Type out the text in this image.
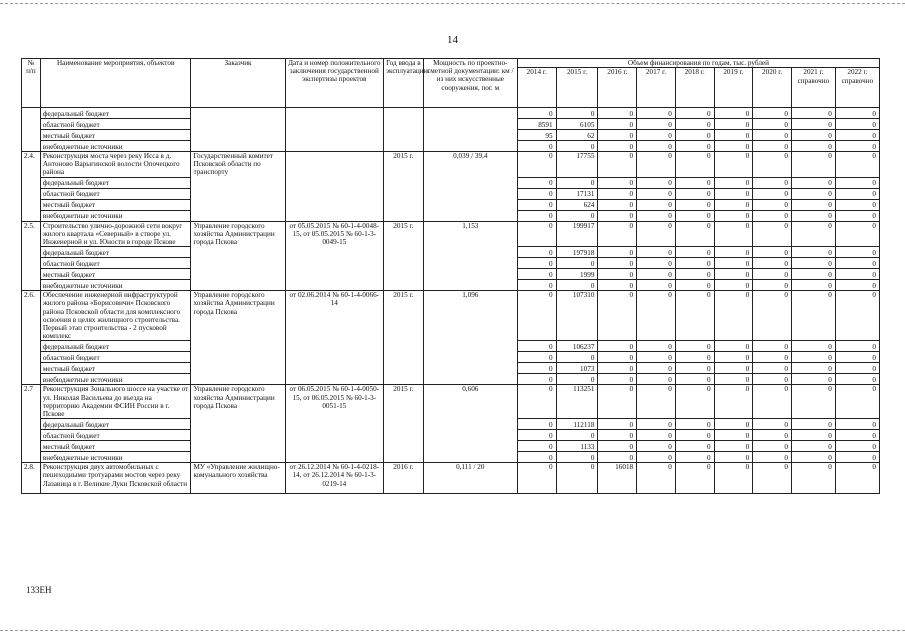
14
№
п/п	Наименование мероприятия, объектов	Заказчик	Дата и номер положительного заключения государственной экспертизы проектов	Год ввода в эксплуатацию	Мощность по проектно-сметной документации: км / из них искусственные сооружения, пог. м	Объем финансирования по годам, тыс. рублей								
						2014 г.	2015 г.	2016 г.	2017 г.	2018 г.	2019 г.	2020 г.	2021 г. справочно	2022 г. справочно
	федеральный бюджет					0	0	0	0	0	0	0	0	0
	областной бюджет					8591	6105	0	0	0	0	0	0	0
	местный бюджет					95	62	0	0	0	0	0	0	0
	внебюджетные источники					0	0	0	0	0	0	0	0	0
2.4.	Реконструкция моста через реку Исса в д. Антоново Варыгинской волости Опочецкого района	Государственный комитет Псковской области по транспорту		2015 г.	0,039 / 39,4	0	17755	0	0	0	0	0	0	0
	федеральный бюджет					0	0	0	0	0	0	0	0	0
	областной бюджет					0	17131	0	0	0	0	0	0	0
	местный бюджет					0	624	0	0	0	0	0	0	0
	внебюджетные источники					0	0	0	0	0	0	0	0	0
2.5.	Строительство улично-дорожной сети вокруг жилого квартала «Северный» в створе ул. Инженерной и ул. Юности в городе Пскове	Управление городского хозяйства Администрации города Пскова	от 05.05.2015 № 60-1-4-0048-15, от 05.05.2015 № 60-1-3-0049-15	2015 г.	1,153	0	199917	0	0	0	0	0	0	0
	федеральный бюджет					0	197918	0	0	0	0	0	0	0
	областной бюджет					0	0	0	0	0	0	0	0	0
	местный бюджет					0	1999	0	0	0	0	0	0	0
	внебюджетные источники					0	0	0	0	0	0	0	0	0
2.6.	Обеспечение инженерной инфраструктурой жилого района «Борисовичи» Псковского района Псковской области для комплексного освоения в целях жилищного строительства. Первый этап строительства - 2 пусковой комплекс	Управление городского хозяйства Администрации города Пскова	от 02.06.2014 № 60-1-4-0066-14	2015 г.	1,096	0	107310	0	0	0	0	0	0	0
	федеральный бюджет					0	106237	0	0	0	0	0	0	0
	областной бюджет					0	0	0	0	0	0	0	0	0
	местный бюджет					0	1073	0	0	0	0	0	0	0
	внебюджетные источники					0	0	0	0	0	0	0	0	0
2.7	Реконструкция Зонального шоссе на участке от ул. Николая Васильева до въезда на территорию Академии ФСИН России в г. Пскове	Управление городского хозяйства Администрации города Пскова	от 06.05.2015 № 60-1-4-0050-15, от 06.05.2015 № 60-1-3-0051-15	2015 г.	0,606	0	113251	0	0	0	0	0	0	0
	федеральный бюджет					0	112118	0	0	0	0	0	0	0
	областной бюджет					0	0	0	0	0	0	0	0	0
	местный бюджет					0	1133	0	0	0	0	0	0	0
	внебюджетные источники					0	0	0	0	0	0	0	0	0
2.8.	Реконструкция двух автомобильных с пешеходными тротуарами мостов через реку Лазавица в г. Великие Луки Псковской области	МУ «Управление жилищно-комунального хозяйства	от 26.12.2014 № 60-1-4-0218-14, от 26.12.2014 № 60-1-3-0219-14	2016 г.	0,111 / 20	0	0	16018	0	0	0	0	0	0
133ЕН
